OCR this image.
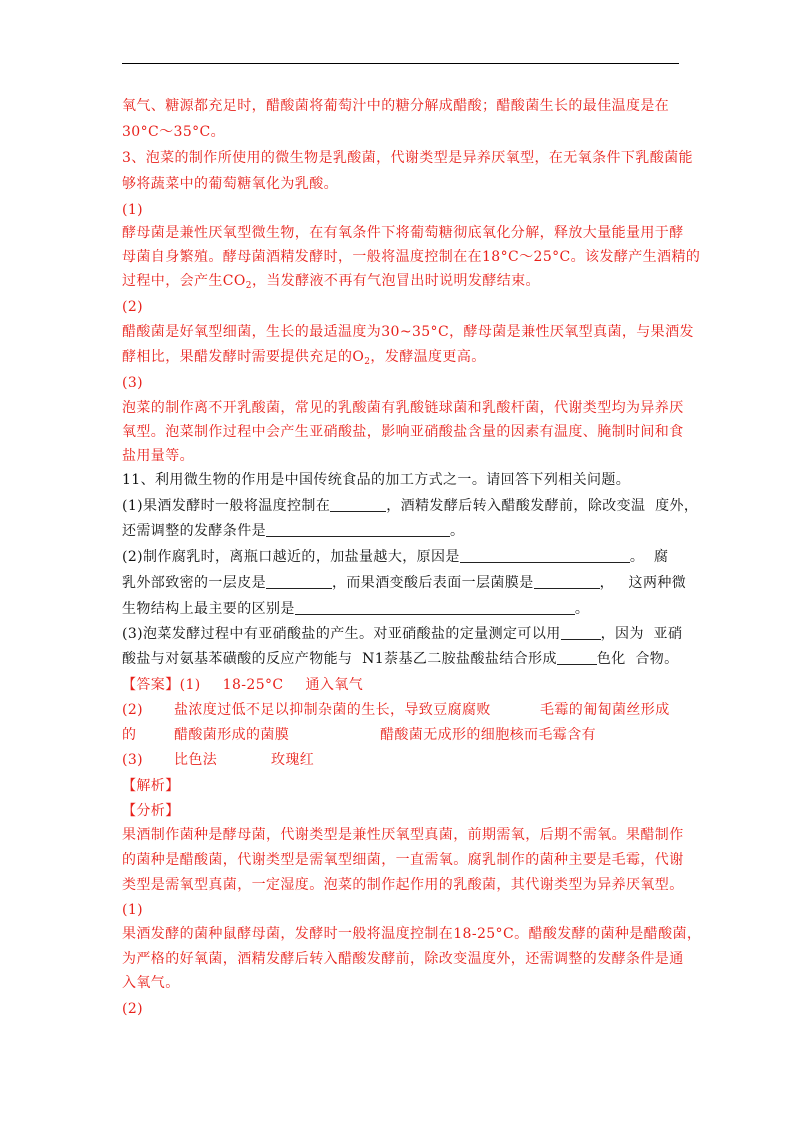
氧气、糖源都充足时，醋酸菌将葡萄汁中的糖分解成醋酸；醋酸菌生长的最佳温度是在
30°C～35°C。
3、泡菜的制作所使用的微生物是乳酸菌，代谢类型是异养厌氧型，在无氧条件下乳酸菌能
够将蔬菜中的葡萄糖氧化为乳酸。
(1)
酵母菌是兼性厌氧型微生物，在有氧条件下将葡萄糖彻底氧化分解，释放大量能量用于酵
母菌自身繁殖。酵母菌酒精发酵时，一般将温度控制在在18°C～25°C。该发酵产生酒精的
过程中，会产生$CO_2$，当发酵液不再有气泡冒出时说明发酵结束。
(2)
醋酸菌是好氧型细菌，生长的最适温度为30~35°C，酵母菌是兼性厌氧型真菌，与果酒发
酵相比，果醋发酵时需要提供充足的$O_2$，发酵温度更高。
(3)
泡菜的制作离不开乳酸菌，常见的乳酸菌有乳酸链球菌和乳酸杆菌，代谢类型均为异养厌
氧型。泡菜制作过程中会产生亚硝酸盐，影响亚硝酸盐含量的因素有温度、腌制时间和食
盐用量等。
11、利用微生物的作用是中国传统食品的加工方式之一。请回答下列相关问题。
(1)果酒发酵时一般将温度控制在	，酒精发酵后转入醋酸发酵前，除改变温  度外，
还需调整的发酵条件是	。
(2)制作腐乳时，离瓶口越近的，加盐量越大，原因是	。  腐
乳外部致密的一层皮是	，而果酒变酸后表面一层菌膜是	，   这两种微
生物结构上最主要的区别是	。
(3)泡菜发酵过程中有亚硝酸盐的产生。对亚硝酸盐的定量测定可以用	，因为  亚硝
酸盐与对氨基苯磺酸的反应产物能与  N1萘基乙二胺盐酸盐结合形成	色化  合物。
【答案】(1) 18-25°C 通入氧气
(2) 盐浓度过低不足以抑制杂菌的生长，导致豆腐腐败	毛霉的匍匐菌丝形成
的	醋酸菌形成的菌膜	醋酸菌无成形的细胞核而毛霉含有
(3) 比色法	玫瑰红
【解析】
【分析】
果酒制作菌种是酵母菌，代谢类型是兼性厌氧型真菌，前期需氧，后期不需氧。果醋制作
的菌种是醋酸菌，代谢类型是需氧型细菌，一直需氧。腐乳制作的菌种主要是毛霉，代谢
类型是需氧型真菌，一定湿度。泡菜的制作起作用的乳酸菌，其代谢类型为异养厌氧型。
(1)
果酒发酵的菌种鼠酵母菌，发酵时一般将温度控制在18-25°C。醋酸发酵的菌种是醋酸菌，
为严格的好氧菌，酒精发酵后转入醋酸发酵前，除改变温度外，还需调整的发酵条件是通
入氧气。
(2)
